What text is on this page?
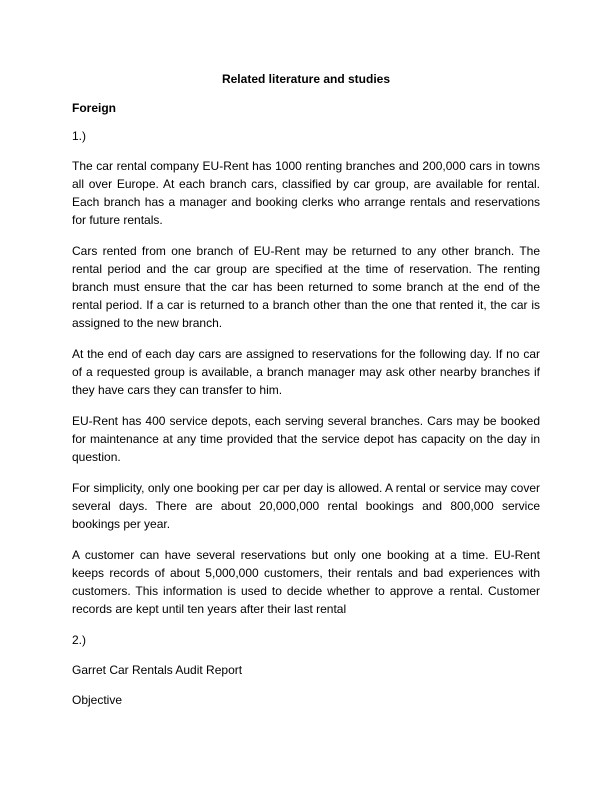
Related literature and studies
Foreign
1.)

The car rental company EU-Rent has 1000 renting branches and 200,000 cars in towns all over Europe. At each branch cars, classified by car group, are available for rental. Each branch has a manager and booking clerks who arrange rentals and reservations for future rentals.

Cars rented from one branch of EU-Rent may be returned to any other branch. The rental period and the car group are specified at the time of reservation. The renting branch must ensure that the car has been returned to some branch at the end of the rental period. If a car is returned to a branch other than the one that rented it, the car is assigned to the new branch.

At the end of each day cars are assigned to reservations for the following day. If no car of a requested group is available, a branch manager may ask other nearby branches if they have cars they can transfer to him.

EU-Rent has 400 service depots, each serving several branches. Cars may be booked for maintenance at any time provided that the service depot has capacity on the day in question.

For simplicity, only one booking per car per day is allowed. A rental or service may cover several days. There are about 20,000,000 rental bookings and 800,000 service bookings per year.

A customer can have several reservations but only one booking at a time. EU-Rent keeps records of about 5,000,000 customers, their rentals and bad experiences with customers. This information is used to decide whether to approve a rental. Customer records are kept until ten years after their last rental

2.)
Garret Car Rentals Audit Report
Objective
